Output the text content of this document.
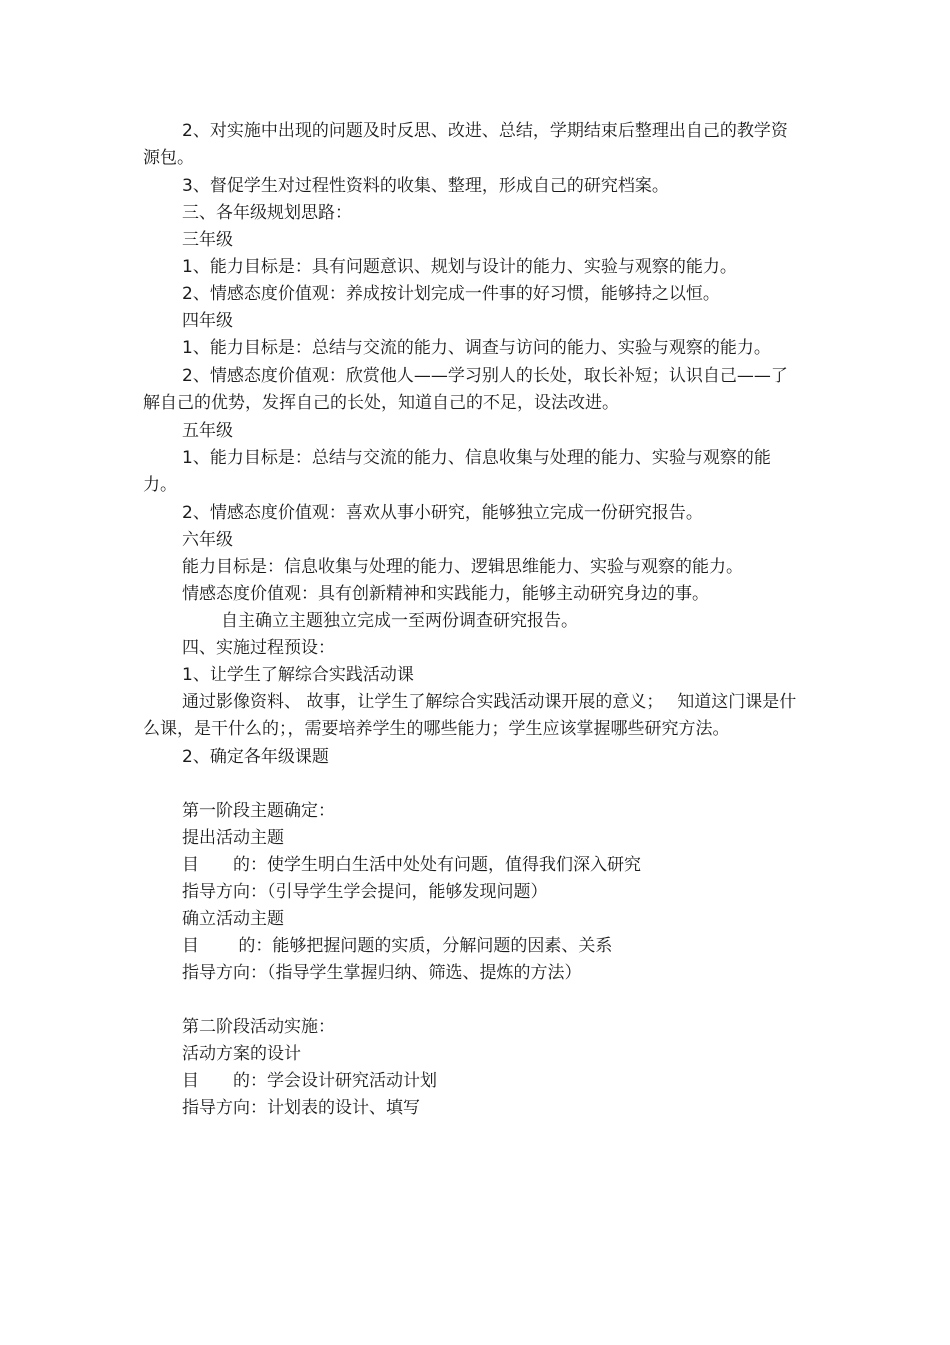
2、对实施中出现的问题及时反思、改进、总结，学期结束后整理出自己的教学资源包。

3、督促学生对过程性资料的收集、整理，形成自己的研究档案。

三、各年级规划思路：

三年级

1、能力目标是：具有问题意识、规划与设计的能力、实验与观察的能力。

2、情感态度价值观：养成按计划完成一件事的好习惯，能够持之以恒。

四年级

1、能力目标是：总结与交流的能力、调查与访问的能力、实验与观察的能力。

2、情感态度价值观：欣赏他人——学习别人的长处，取长补短；认识自己——了解自己的优势，发挥自己的长处，知道自己的不足，设法改进。

五年级

1、能力目标是：总结与交流的能力、信息收集与处理的能力、实验与观察的能力。

2、情感态度价值观：喜欢从事小研究，能够独立完成一份研究报告。

六年级

能力目标是：信息收集与处理的能力、逻辑思维能力、实验与观察的能力。

情感态度价值观：具有创新精神和实践能力，能够主动研究身边的事。

自主确立主题独立完成一至两份调查研究报告。

四、实施过程预设：

1、让学生了解综合实践活动课

通过影像资料、 故事，让学生了解综合实践活动课开展的意义；　 知道这门课是什么课，是干什么的；，需要培养学生的哪些能力；学生应该掌握哪些研究方法。

2、确定各年级课题

第一阶段主题确定：

提出活动主题

目　　的：使学生明白生活中处处有问题，值得我们深入研究

指导方向：（引导学生学会提问，能够发现问题）

确立活动主题

目　　 的：能够把握问题的实质，分解问题的因素、关系

指导方向：（指导学生掌握归纳、筛选、提炼的方法）

第二阶段活动实施：

活动方案的设计

目　　的：学会设计研究活动计划

指导方向：计划表的设计、填写
